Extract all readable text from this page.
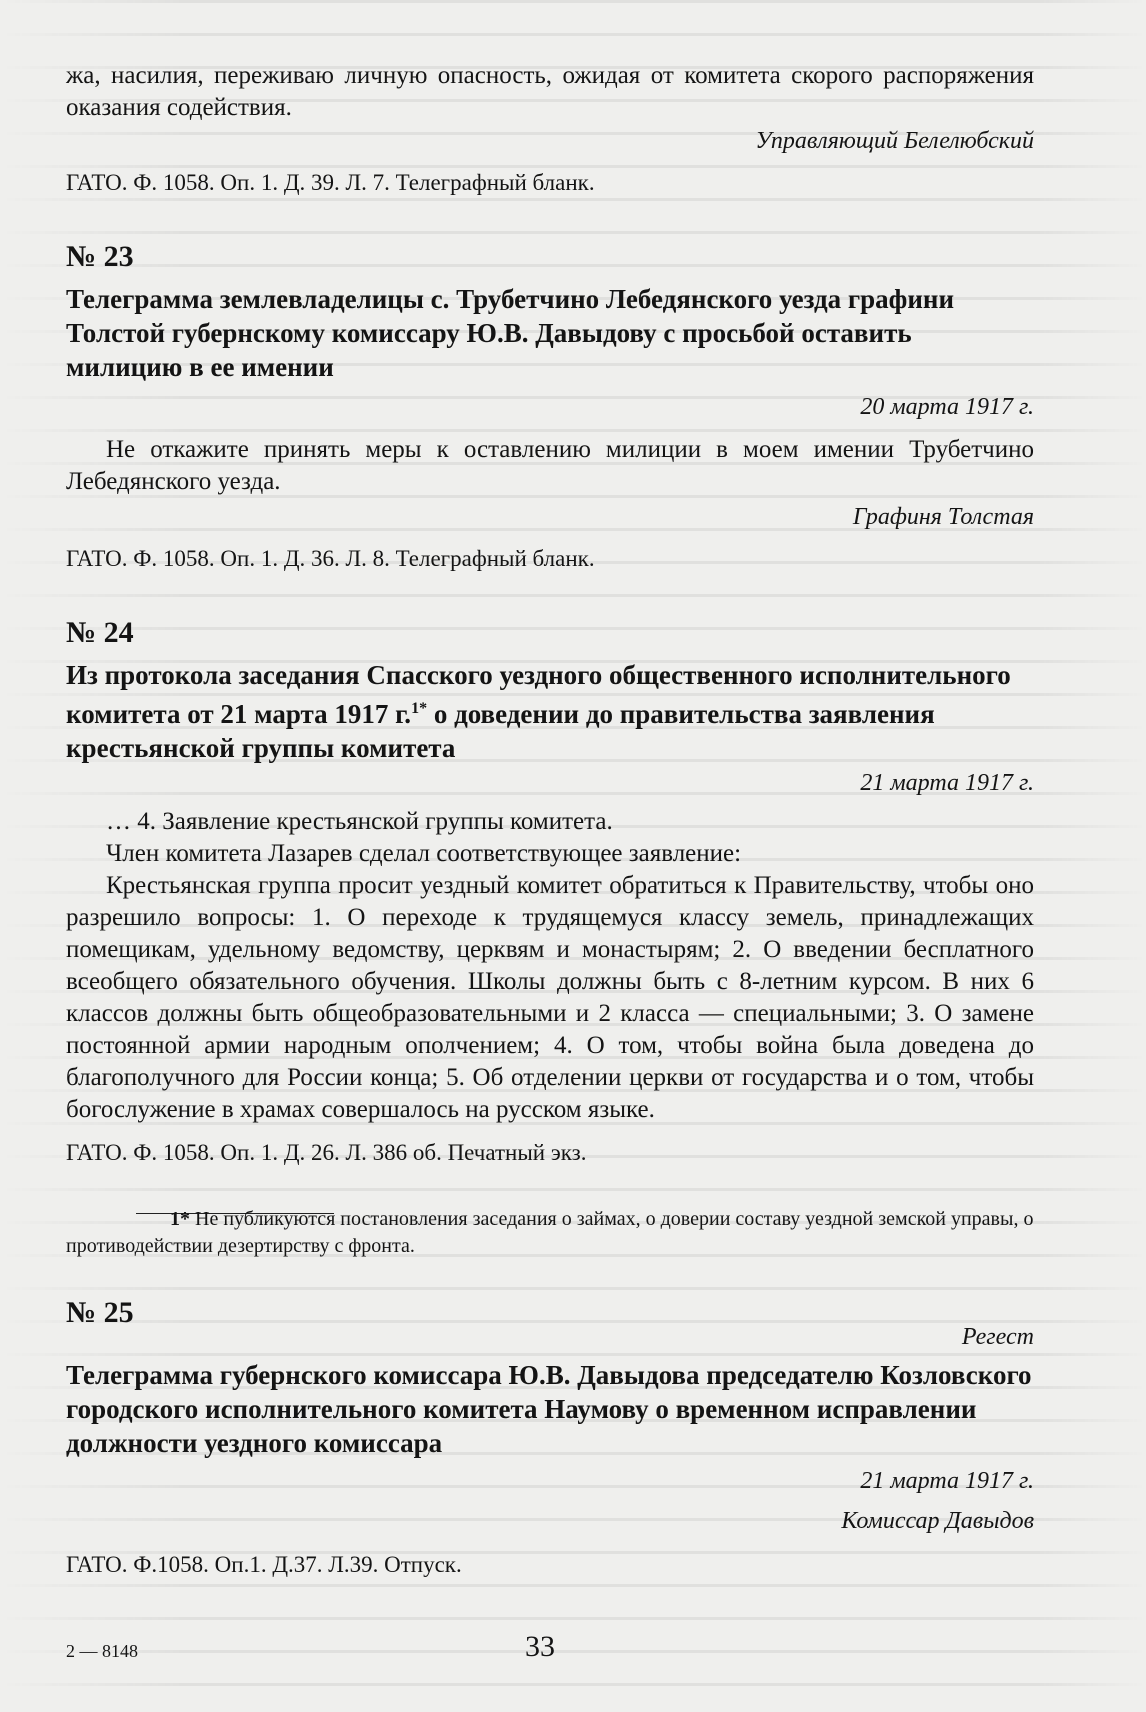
жа, насилия, переживаю личную опасность, ожидая от комитета скорого распоряжения оказания содействия.
Управляющий Белелюбский
ГАТО. Ф. 1058. Оп. 1. Д. 39. Л. 7. Телеграфный бланк.
№ 23
Телеграмма землевладелицы с. Трубетчино Лебедянского уезда графини Толстой губернскому комиссару Ю.В. Давыдову с просьбой оставить милицию в ее имении
20 марта 1917 г.
Не откажите принять меры к оставлению милиции в моем имении Трубетчино Лебедянского уезда.
Графиня Толстая
ГАТО. Ф. 1058. Оп. 1. Д. 36. Л. 8. Телеграфный бланк.
№ 24
Из протокола заседания Спасского уездного общественного исполнительного комитета от 21 марта 1917 г.$^{1*}$ о доведении до правительства заявления крестьянской группы комитета
21 марта 1917 г.
… 4. Заявление крестьянской группы комитета.
Член комитета Лазарев сделал соответствующее заявление:
Крестьянская группа просит уездный комитет обратиться к Правительству, чтобы оно разрешило вопросы: 1. О переходе к трудящемуся классу земель, принадлежащих помещикам, удельному ведомству, церквям и монастырям; 2. О введении бесплатного всеобщего обязательного обучения. Школы должны быть с 8-летним курсом. В них 6 классов должны быть общеобразовательными и 2 класса — специальными; 3. О замене постоянной армии народным ополчением; 4. О том, чтобы война была доведена до благополучного для России конца; 5. Об отделении церкви от государства и о том, чтобы богослужение в храмах совершалось на русском языке.
ГАТО. Ф. 1058. Оп. 1. Д. 26. Л. 386 об. Печатный экз.
1* Не публикуются постановления заседания о займах, о доверии составу уездной земской управы, о противодействии дезертирству с фронта.
№ 25
Регест
Телеграмма губернского комиссара Ю.В. Давыдова председателю Козловского городского исполнительного комитета Наумову о временном исправлении должности уездного комиссара
21 марта 1917 г.
Комиссар Давыдов
ГАТО. Ф.1058. Оп.1. Д.37. Л.39. Отпуск.
2 — 8148	33
